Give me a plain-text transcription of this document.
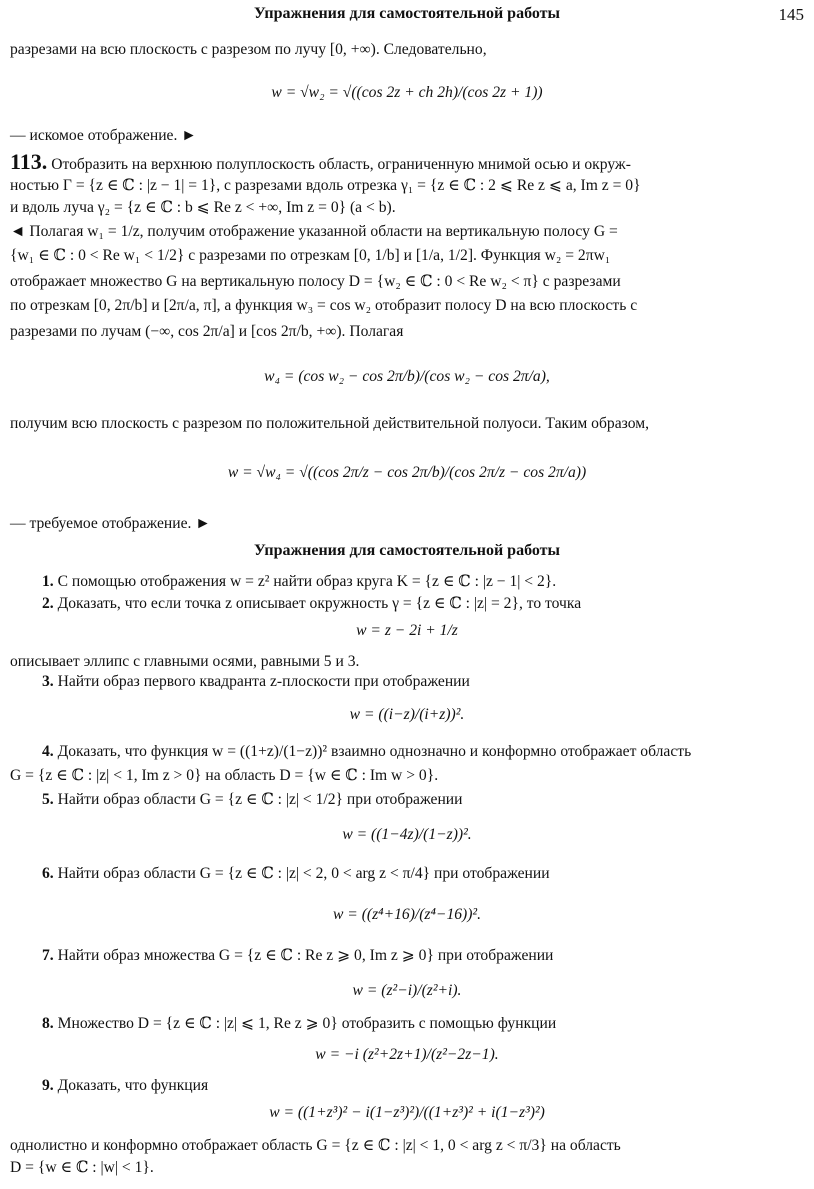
Упражнения для самостоятельной работы	145
разрезами на всю плоскость с разрезом по лучу [0, +∞). Следовательно,
w = √w₂ = √((cos 2z + ch 2h)/(cos 2z + 1))
— искомое отображение. ►
113. Отобразить на верхнюю полуплоскость область, ограниченную мнимой осью и окруж-
ностью Γ = {z ∈ ℂ : |z − 1| = 1}, с разрезами вдоль отрезка γ₁ = {z ∈ ℂ : 2 ⩽ Re z ⩽ a, Im z = 0}
и вдоль луча γ₂ = {z ∈ ℂ : b ⩽ Re z < +∞, Im z = 0} (a < b).
◄ Полагая w₁ = 1/z, получим отображение указанной области на вертикальную полосу G =
{w₁ ∈ ℂ : 0 < Re w₁ < 1/2} с разрезами по отрезкам [0, 1/b] и [1/a, 1/2]. Функция w₂ = 2πw₁
отображает множество G на вертикальную полосу D = {w₂ ∈ ℂ : 0 < Re w₂ < π} с разрезами
по отрезкам [0, 2π/b] и [2π/a, π], а функция w₃ = cos w₂ отобразит полосу D на всю плоскость с
разрезами по лучам (−∞, cos 2π/a] и [cos 2π/b, +∞). Полагая
w₄ = (cos w₂ − cos 2π/b)/(cos w₂ − cos 2π/a),
получим всю плоскость с разрезом по положительной действительной полуоси. Таким образом,
w = √w₄ = √((cos 2π/z − cos 2π/b)/(cos 2π/z − cos 2π/a))
— требуемое отображение. ►
Упражнения для самостоятельной работы
1. С помощью отображения w = z² найти образ круга K = {z ∈ ℂ : |z − 1| < 2}.
2. Доказать, что если точка z описывает окружность γ = {z ∈ ℂ : |z| = 2}, то точка
w = z − 2i + 1/z
описывает эллипс с главными осями, равными 5 и 3.
3. Найти образ первого квадранта z-плоскости при отображении
w = ((i−z)/(i+z))².
4. Доказать, что функция w = ((1+z)/(1−z))² взаимно однозначно и конформно отображает область
G = {z ∈ ℂ : |z| < 1, Im z > 0} на область D = {w ∈ ℂ : Im w > 0}.
5. Найти образ области G = {z ∈ ℂ : |z| < 1/2} при отображении
w = ((1−4z)/(1−z))².
6. Найти образ области G = {z ∈ ℂ : |z| < 2, 0 < arg z < π/4} при отображении
w = ((z⁴+16)/(z⁴−16))².
7. Найти образ множества G = {z ∈ ℂ : Re z ⩾ 0, Im z ⩾ 0} при отображении
w = (z²−i)/(z²+i).
8. Множество D = {z ∈ ℂ : |z| ⩽ 1, Re z ⩾ 0} отобразить с помощью функции
w = −i (z²+2z+1)/(z²−2z−1).
9. Доказать, что функция
w = ((1+z³)² − i(1−z³)²)/((1+z³)² + i(1−z³)²)
однолистно и конформно отображает область G = {z ∈ ℂ : |z| < 1, 0 < arg z < π/3} на область
D = {w ∈ ℂ : |w| < 1}.
